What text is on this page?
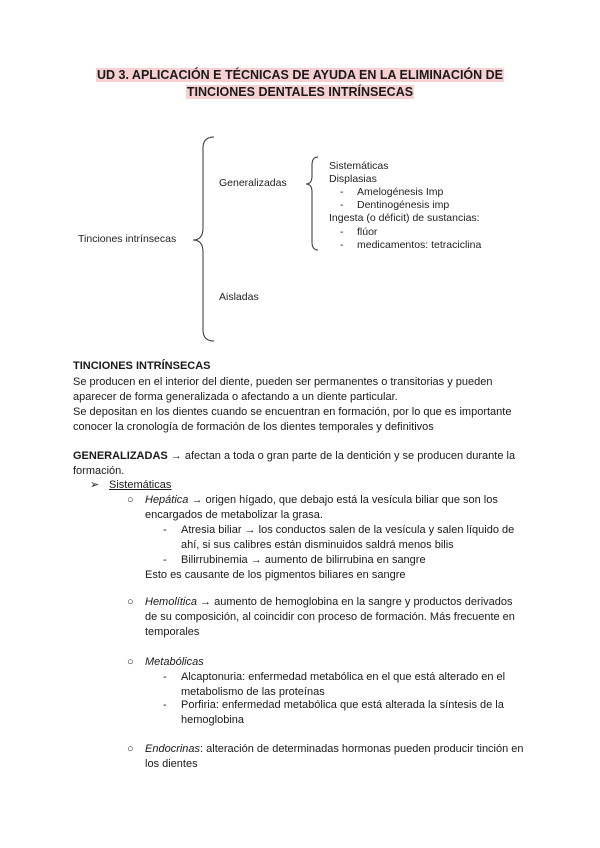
UD 3. APLICACIÓN E TÉCNICAS DE AYUDA EN LA ELIMINACIÓN DE
TINCIONES DENTALES INTRÍNSECAS
Tinciones intrínsecas
Generalizadas
Aisladas
Sistemáticas
Displasias
- Amelogénesis Imp
- Dentinogénesis imp
Ingesta (o déficit) de sustancias:
- flúor
- medicamentos: tetraciclina
TINCIONES INTRÍNSECAS
Se producen en el interior del diente, pueden ser permanentes o transitorias y pueden
aparecer de forma generalizada o afectando a un diente particular.
Se depositan en los dientes cuando se encuentran en formación, por lo que es importante
conocer la cronología de formación de los dientes temporales y definitivos
GENERALIZADAS → afectan a toda o gran parte de la dentición y se producen durante la
formación.
➢ Sistemáticas
○ Hepática → origen hígado, que debajo está la vesícula biliar que son los
encargados de metabolizar la grasa.
- Atresia biliar → los conductos salen de la vesícula y salen líquido de
ahí, si sus calibres están disminuidos saldrá menos bilis
- Bilirrubinemia → aumento de bilirrubina en sangre
Esto es causante de los pigmentos biliares en sangre
○ Hemolítica → aumento de hemoglobina en la sangre y productos derivados
de su composición, al coincidir con proceso de formación. Más frecuente en
temporales
○ Metabólicas
- Alcaptonuria: enfermedad metabólica en el que está alterado en el
metabolismo de las proteínas
- Porfiria: enfermedad metabólica que está alterada la síntesis de la
hemoglobina
○ Endocrinas: alteración de determinadas hormonas pueden producir tinción en
los dientes
